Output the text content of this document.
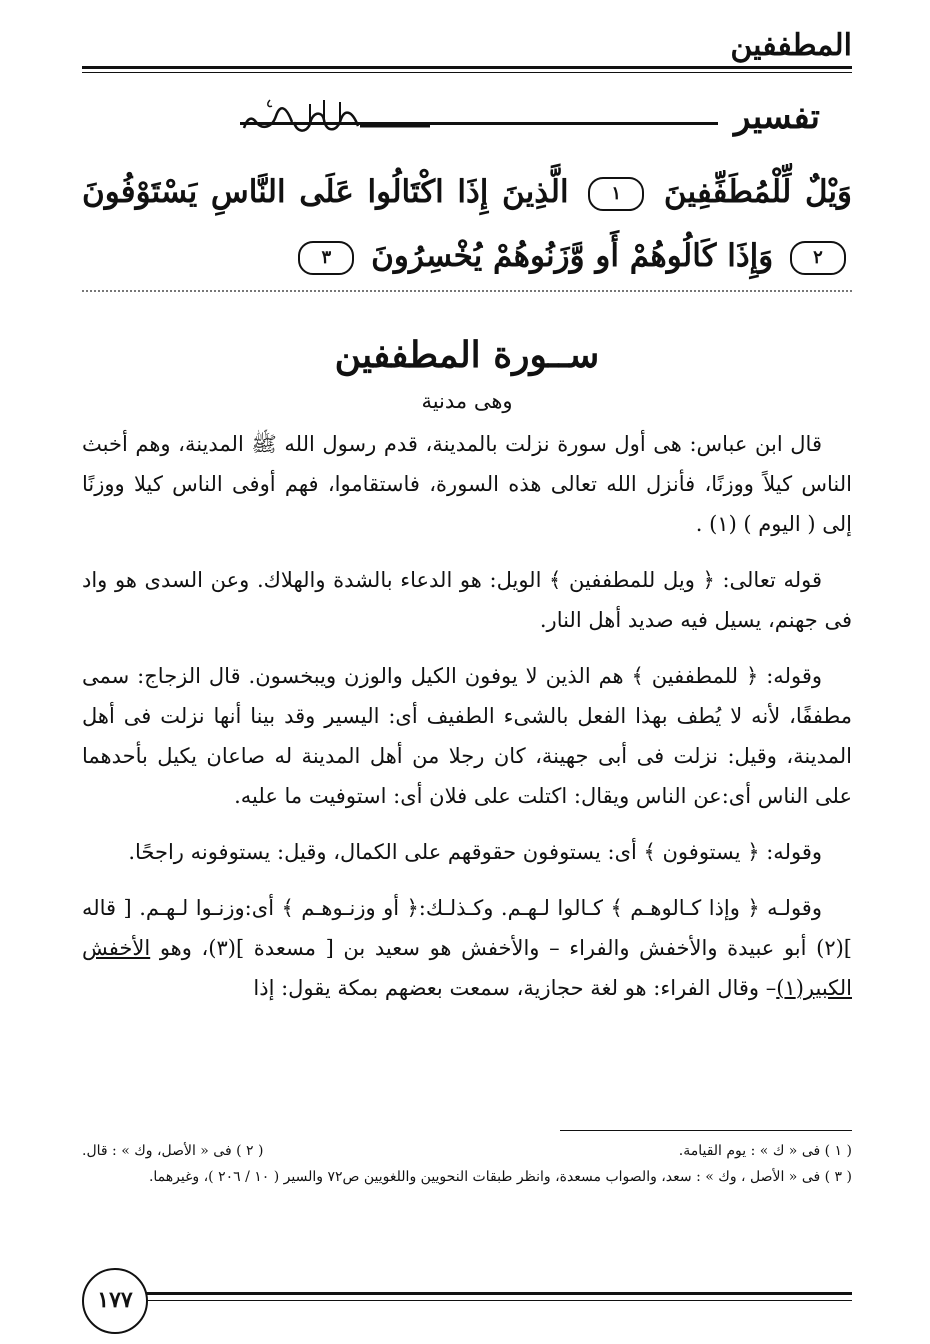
المطففين
تفسير
وَيْلٌ لِّلْمُطَفِّفِينَ ١ الَّذِينَ إِذَا اكْتَالُوا عَلَى النَّاسِ يَسْتَوْفُونَ ٢ وَإِذَا كَالُوهُمْ أَو وَّزَنُوهُمْ يُخْسِرُونَ ٣
ســورة المطففين
وهى مدنية

قال ابن عباس: هى أول سورة نزلت بالمدينة، قدم رسول الله ﷺ المدينة، وهم أخبث الناس كيلاً ووزنًا، فأنزل الله تعالى هذه السورة، فاستقاموا، فهم أوفى الناس كيلا ووزنًا إلى ( اليوم ) (١) .

قوله تعالى: ﴿ ويل للمطففين ﴾ الويل: هو الدعاء بالشدة والهلاك. وعن السدى هو واد فى جهنم، يسيل فيه صديد أهل النار.

وقوله: ﴿ للمطففين ﴾ هم الذين لا يوفون الكيل والوزن ويبخسون. قال الزجاج: سمى مطففًا، لأنه لا يُطف بهذا الفعل بالشىء الطفيف أى: اليسير وقد بينا أنها نزلت فى أهل المدينة، وقيل: نزلت فى أبى جهينة، كان رجلا من أهل المدينة له صاعان يكيل بأحدهما على الناس أى:عن الناس ويقال: اكتلت على فلان أى: استوفيت ما عليه.

وقوله: ﴿ يستوفون ﴾ أى: يستوفون حقوقهم على الكمال، وقيل: يستوفونه راجحًا.

وقولـه ﴿ وإذا كـالوهـم ﴾ كـالوا لـهـم. وكـذلـك:﴿ أو وزنـوهـم ﴾ أى:وزنـوا لـهـم. [ قاله ](٢) أبو عبيدة والأخفش والفراء – والأخفش هو سعيد بن [ مسعدة ](٣)، وهو الأخفش الكبير(١)– وقال الفراء: هو لغة حجازية، سمعت بعضهم بمكة يقول: إذا

( ١ ) فى « ك » : يوم القيامة.
( ٢ ) فى « الأصل، وك » : قال.
( ٣ ) فى « الأصل ، وك » : سعد، والصواب مسعدة، وانظر طبقات النحويين واللغويين ص٧٢ والسير ( ١٠ / ٢٠٦ )، وغيرهما.
١٧٧
